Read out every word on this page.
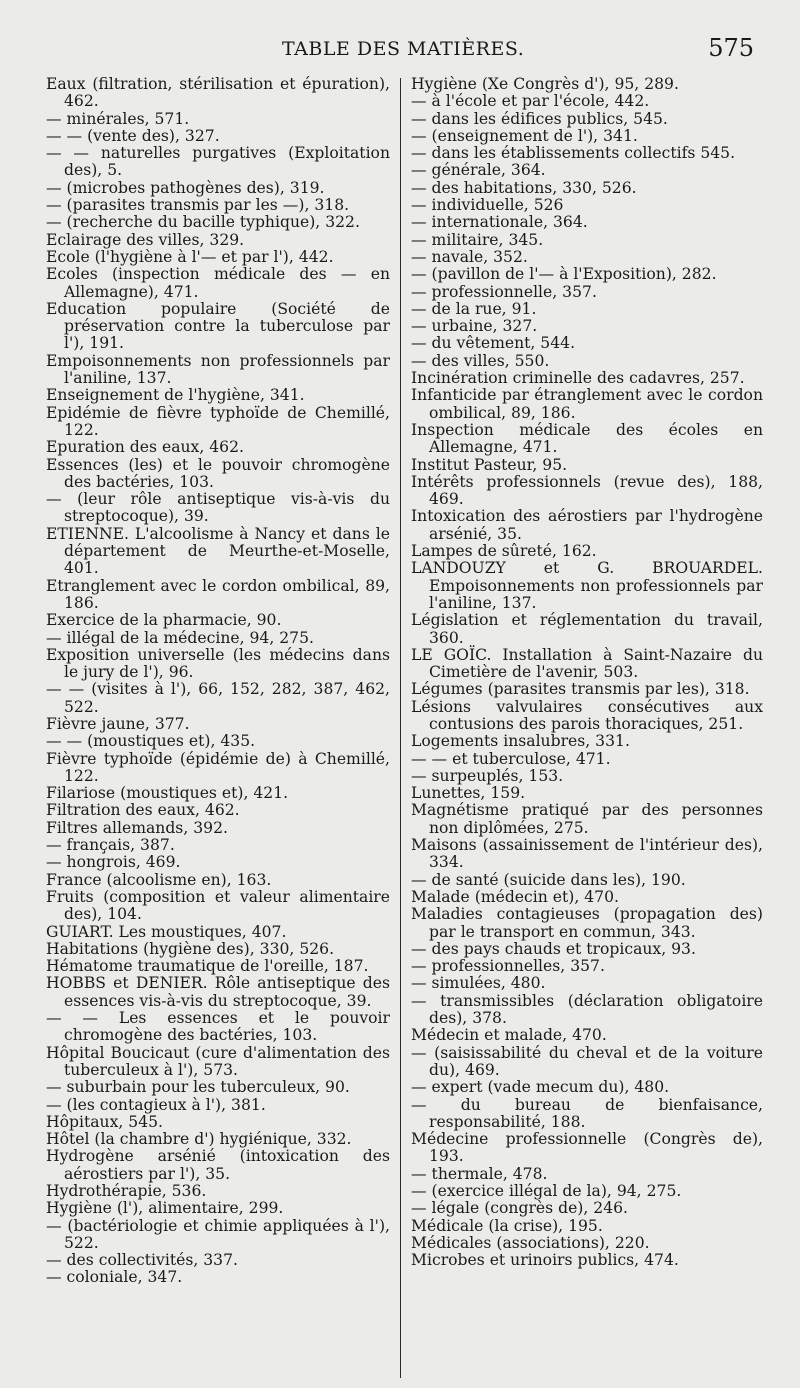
TABLE DES MATIÈRES.	575
Eaux (filtration, stérilisation et épuration), 462.
— minérales, 571.
— — (vente des), 327.
— — naturelles purgatives (Exploitation des), 5.
— (microbes pathogènes des), 319.
— (parasites transmis par les —), 318.
— (recherche du bacille typhique), 322.
Eclairage des villes, 329.
Ecole (l'hygiène à l'— et par l'), 442.
Ecoles (inspection médicale des — en Allemagne), 471.
Education populaire (Société de préservation contre la tuberculose par l'), 191.
Empoisonnements non professionnels par l'aniline, 137.
Enseignement de l'hygiène, 341.
Epidémie de fièvre typhoïde de Chemillé, 122.
Epuration des eaux, 462.
Essences (les) et le pouvoir chromogène des bactéries, 103.
— (leur rôle antiseptique vis-à-vis du streptocoque), 39.
ETIENNE. L'alcoolisme à Nancy et dans le département de Meurthe-et-Moselle, 401.
Etranglement avec le cordon ombilical, 89, 186.
Exercice de la pharmacie, 90.
— illégal de la médecine, 94, 275.
Exposition universelle (les médecins dans le jury de l'), 96.
— — (visites à l'), 66, 152, 282, 387, 462, 522.
Fièvre jaune, 377.
— — (moustiques et), 435.
Fièvre typhoïde (épidémie de) à Chemillé, 122.
Filariose (moustiques et), 421.
Filtration des eaux, 462.
Filtres allemands, 392.
— français, 387.
— hongrois, 469.
France (alcoolisme en), 163.
Fruits (composition et valeur alimentaire des), 104.
GUIART. Les moustiques, 407.
Habitations (hygiène des), 330, 526.
Hématome traumatique de l'oreille, 187.
HOBBS et DENIER. Rôle antiseptique des essences vis-à-vis du streptocoque, 39.
— — Les essences et le pouvoir chromogène des bactéries, 103.
Hôpital Boucicaut (cure d'alimentation des tuberculeux à l'), 573.
— suburbain pour les tuberculeux, 90.
— (les contagieux à l'), 381.
Hôpitaux, 545.
Hôtel (la chambre d') hygiénique, 332.
Hydrogène arsénié (intoxication des aérostiers par l'), 35.
Hydrothérapie, 536.
Hygiène (l'), alimentaire, 299.
— (bactériologie et chimie appliquées à l'), 522.
— des collectivités, 337.
— coloniale, 347.
Hygiène (Xe Congrès d'), 95, 289.
— à l'école et par l'école, 442.
— dans les édifices publics, 545.
— (enseignement de l'), 341.
— dans les établissements collectifs 545.
— générale, 364.
— des habitations, 330, 526.
— individuelle, 526
— internationale, 364.
— militaire, 345.
— navale, 352.
— (pavillon de l'— à l'Exposition), 282.
— professionnelle, 357.
— de la rue, 91.
— urbaine, 327.
— du vêtement, 544.
— des villes, 550.
Incinération criminelle des cadavres, 257.
Infanticide par étranglement avec le cordon ombilical, 89, 186.
Inspection médicale des écoles en Allemagne, 471.
Institut Pasteur, 95.
Intérêts professionnels (revue des), 188, 469.
Intoxication des aérostiers par l'hydrogène arsénié, 35.
Lampes de sûreté, 162.
LANDOUZY et G. BROUARDEL. Empoisonnements non professionnels par l'aniline, 137.
Législation et réglementation du travail, 360.
LE GOÏC. Installation à Saint-Nazaire du Cimetière de l'avenir, 503.
Légumes (parasites transmis par les), 318.
Lésions valvulaires consécutives aux contusions des parois thoraciques, 251.
Logements insalubres, 331.
— — et tuberculose, 471.
— surpeuplés, 153.
Lunettes, 159.
Magnétisme pratiqué par des personnes non diplômées, 275.
Maisons (assainissement de l'intérieur des), 334.
— de santé (suicide dans les), 190.
Malade (médecin et), 470.
Maladies contagieuses (propagation des) par le transport en commun, 343.
— des pays chauds et tropicaux, 93.
— professionnelles, 357.
— simulées, 480.
— transmissibles (déclaration obligatoire des), 378.
Médecin et malade, 470.
— (saisissabilité du cheval et de la voiture du), 469.
— expert (vade mecum du), 480.
— du bureau de bienfaisance, responsabilité, 188.
Médecine professionnelle (Congrès de), 193.
— thermale, 478.
— (exercice illégal de la), 94, 275.
— légale (congrès de), 246.
Médicale (la crise), 195.
Médicales (associations), 220.
Microbes et urinoirs publics, 474.
